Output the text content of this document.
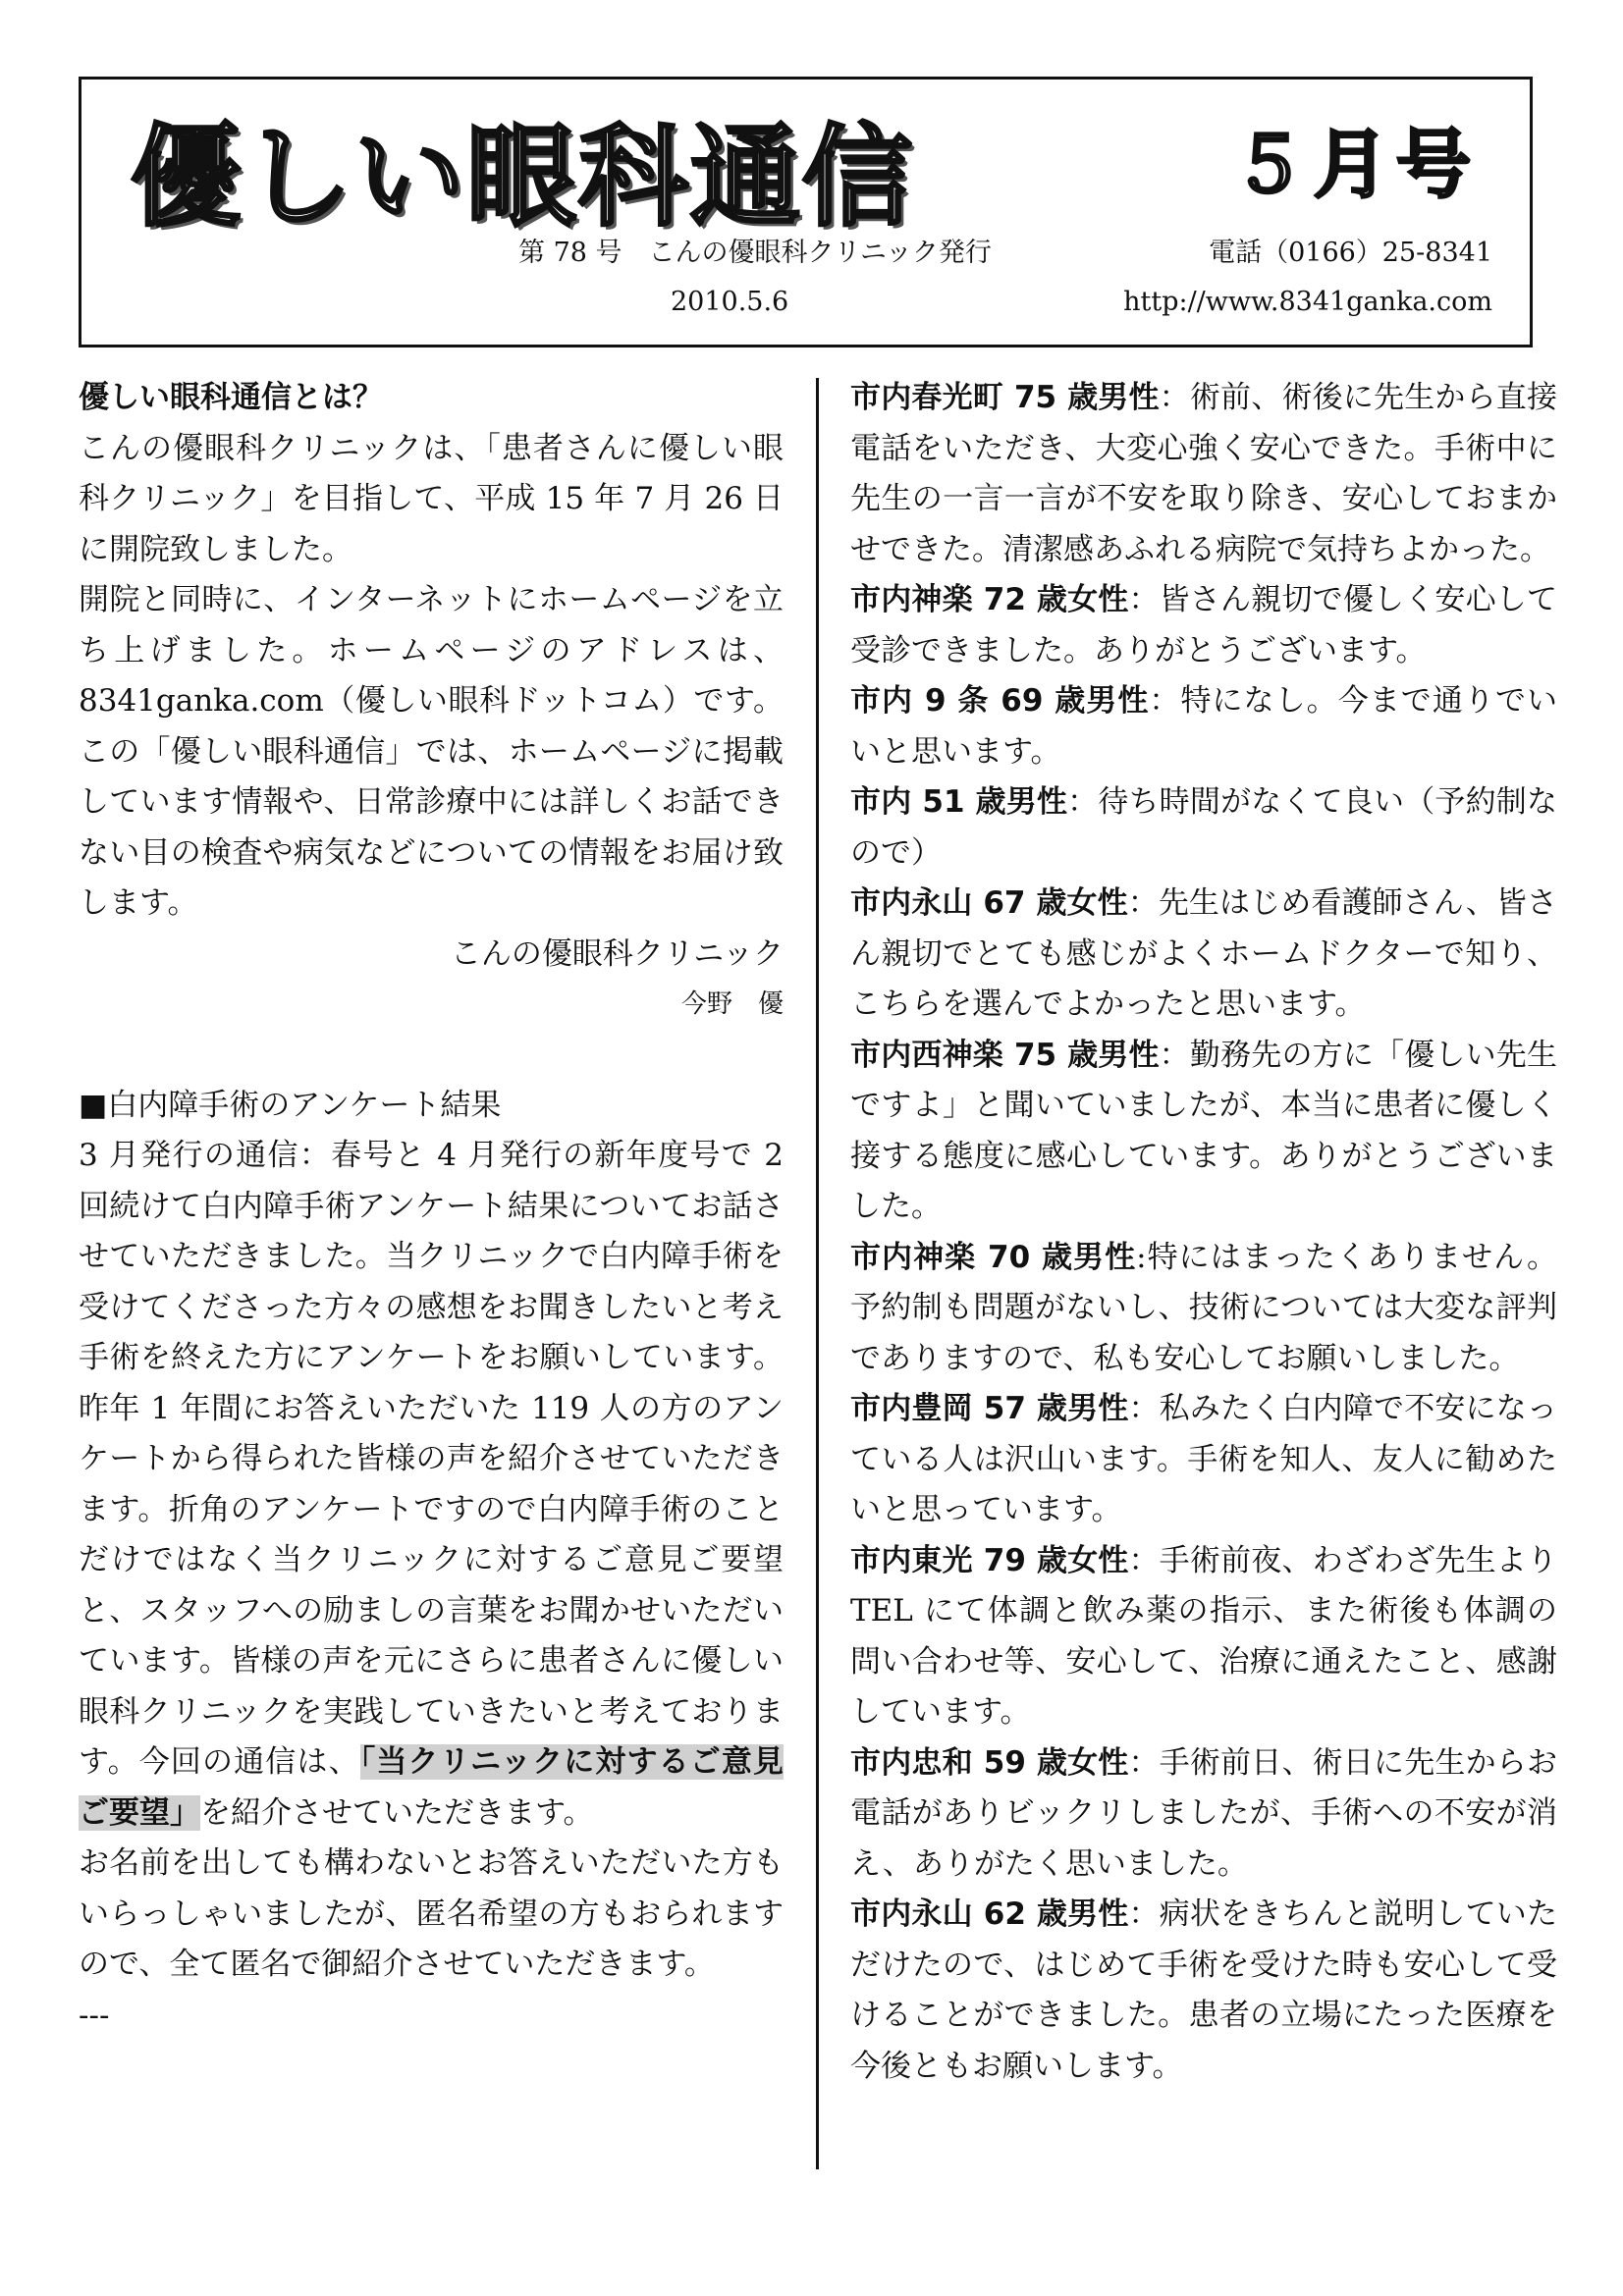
優しい眼科通信	５月号
第 78 号　こんの優眼科クリニック発行	電話（0166）25-8341
2010.5.6	http://www.8341ganka.com

優しい眼科通信とは？

こんの優眼科クリニックは、「患者さんに優しい眼科クリニック」を目指して、平成 15 年 7 月 26 日に開院致しました。

開院と同時に、インターネットにホームページを立ち上げました。ホームページのアドレスは、8341ganka.com（優しい眼科ドットコム）です。この「優しい眼科通信」では、ホームページに掲載しています情報や、日常診療中には詳しくお話できない目の検査や病気などについての情報をお届け致します。

こんの優眼科クリニック

今野　優

■白内障手術のアンケート結果

3 月発行の通信：春号と 4 月発行の新年度号で 2 回続けて白内障手術アンケート結果についてお話させていただきました。当クリニックで白内障手術を受けてくださった方々の感想をお聞きしたいと考え手術を終えた方にアンケートをお願いしています。昨年 1 年間にお答えいただいた 119 人の方のアンケートから得られた皆様の声を紹介させていただきます。折角のアンケートですので白内障手術のことだけではなく当クリニックに対するご意見ご要望と、スタッフへの励ましの言葉をお聞かせいただいています。皆様の声を元にさらに患者さんに優しい眼科クリニックを実践していきたいと考えております。今回の通信は、「当クリニックに対するご意見ご要望」を紹介させていただきます。

お名前を出しても構わないとお答えいただいた方もいらっしゃいましたが、匿名希望の方もおられますので、全て匿名で御紹介させていただきます。

---

市内春光町 75 歳男性：術前、術後に先生から直接電話をいただき、大変心強く安心できた。手術中に先生の一言一言が不安を取り除き、安心しておまかせできた。清潔感あふれる病院で気持ちよかった。

市内神楽 72 歳女性：皆さん親切で優しく安心して受診できました。ありがとうございます。

市内 9 条 69 歳男性：特になし。今まで通りでいいと思います。

市内 51 歳男性：待ち時間がなくて良い（予約制なので）

市内永山 67 歳女性：先生はじめ看護師さん、皆さん親切でとても感じがよくホームドクターで知り、こちらを選んでよかったと思います。

市内西神楽 75 歳男性：勤務先の方に「優しい先生ですよ」と聞いていましたが、本当に患者に優しく接する態度に感心しています。ありがとうございました。

市内神楽 70 歳男性:特にはまったくありません。予約制も問題がないし、技術については大変な評判でありますので、私も安心してお願いしました。

市内豊岡 57 歳男性：私みたく白内障で不安になっている人は沢山います。手術を知人、友人に勧めたいと思っています。

市内東光 79 歳女性：手術前夜、わざわざ先生より TEL にて体調と飲み薬の指示、また術後も体調の問い合わせ等、安心して、治療に通えたこと、感謝しています。

市内忠和 59 歳女性：手術前日、術日に先生からお電話がありビックリしましたが、手術への不安が消え、ありがたく思いました。

市内永山 62 歳男性：病状をきちんと説明していただけたので、はじめて手術を受けた時も安心して受けることができました。患者の立場にたった医療を今後ともお願いします。
